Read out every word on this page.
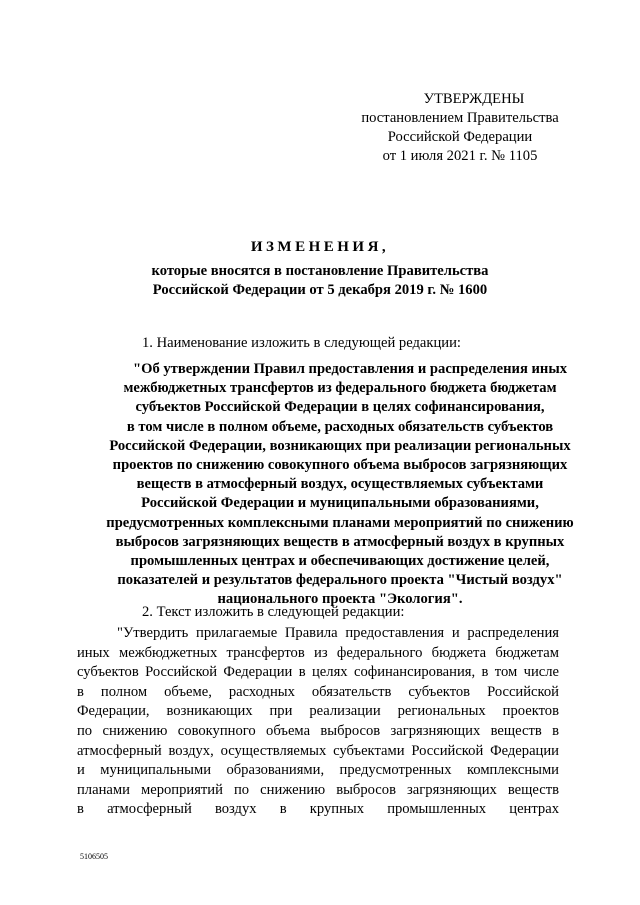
УТВЕРЖДЕНЫ
постановлением Правительства
Российской Федерации
от 1 июля 2021 г. № 1105
ИЗМЕНЕНИЯ,
которые вносятся в постановление Правительства
Российской Федерации от 5 декабря 2019 г. № 1600
1. Наименование изложить в следующей редакции:
"Об утверждении Правил предоставления и распределения иных
межбюджетных трансфертов из федерального бюджета бюджетам
субъектов Российской Федерации в целях софинансирования,
в том числе в полном объеме, расходных обязательств субъектов
Российской Федерации, возникающих при реализации региональных
проектов по снижению совокупного объема выбросов загрязняющих
веществ в атмосферный воздух, осуществляемых субъектами
Российской Федерации и муниципальными образованиями,
предусмотренных комплексными планами мероприятий по снижению
выбросов загрязняющих веществ в атмосферный воздух в крупных
промышленных центрах и обеспечивающих достижение целей,
показателей и результатов федерального проекта "Чистый воздух"
национального проекта "Экология".
2. Текст изложить в следующей редакции:
"Утвердить прилагаемые Правила предоставления и распределения
иных межбюджетных трансфертов из федерального бюджета бюджетам
субъектов Российской Федерации в целях софинансирования, в том числе
в полном объеме, расходных обязательств субъектов Российской
Федерации, возникающих при реализации региональных проектов
по снижению совокупного объема выбросов загрязняющих веществ в
атмосферный воздух, осуществляемых субъектами Российской Федерации
и муниципальными образованиями, предусмотренных комплексными
планами мероприятий по снижению выбросов загрязняющих веществ
в атмосферный воздух в крупных промышленных центрах
5106505
